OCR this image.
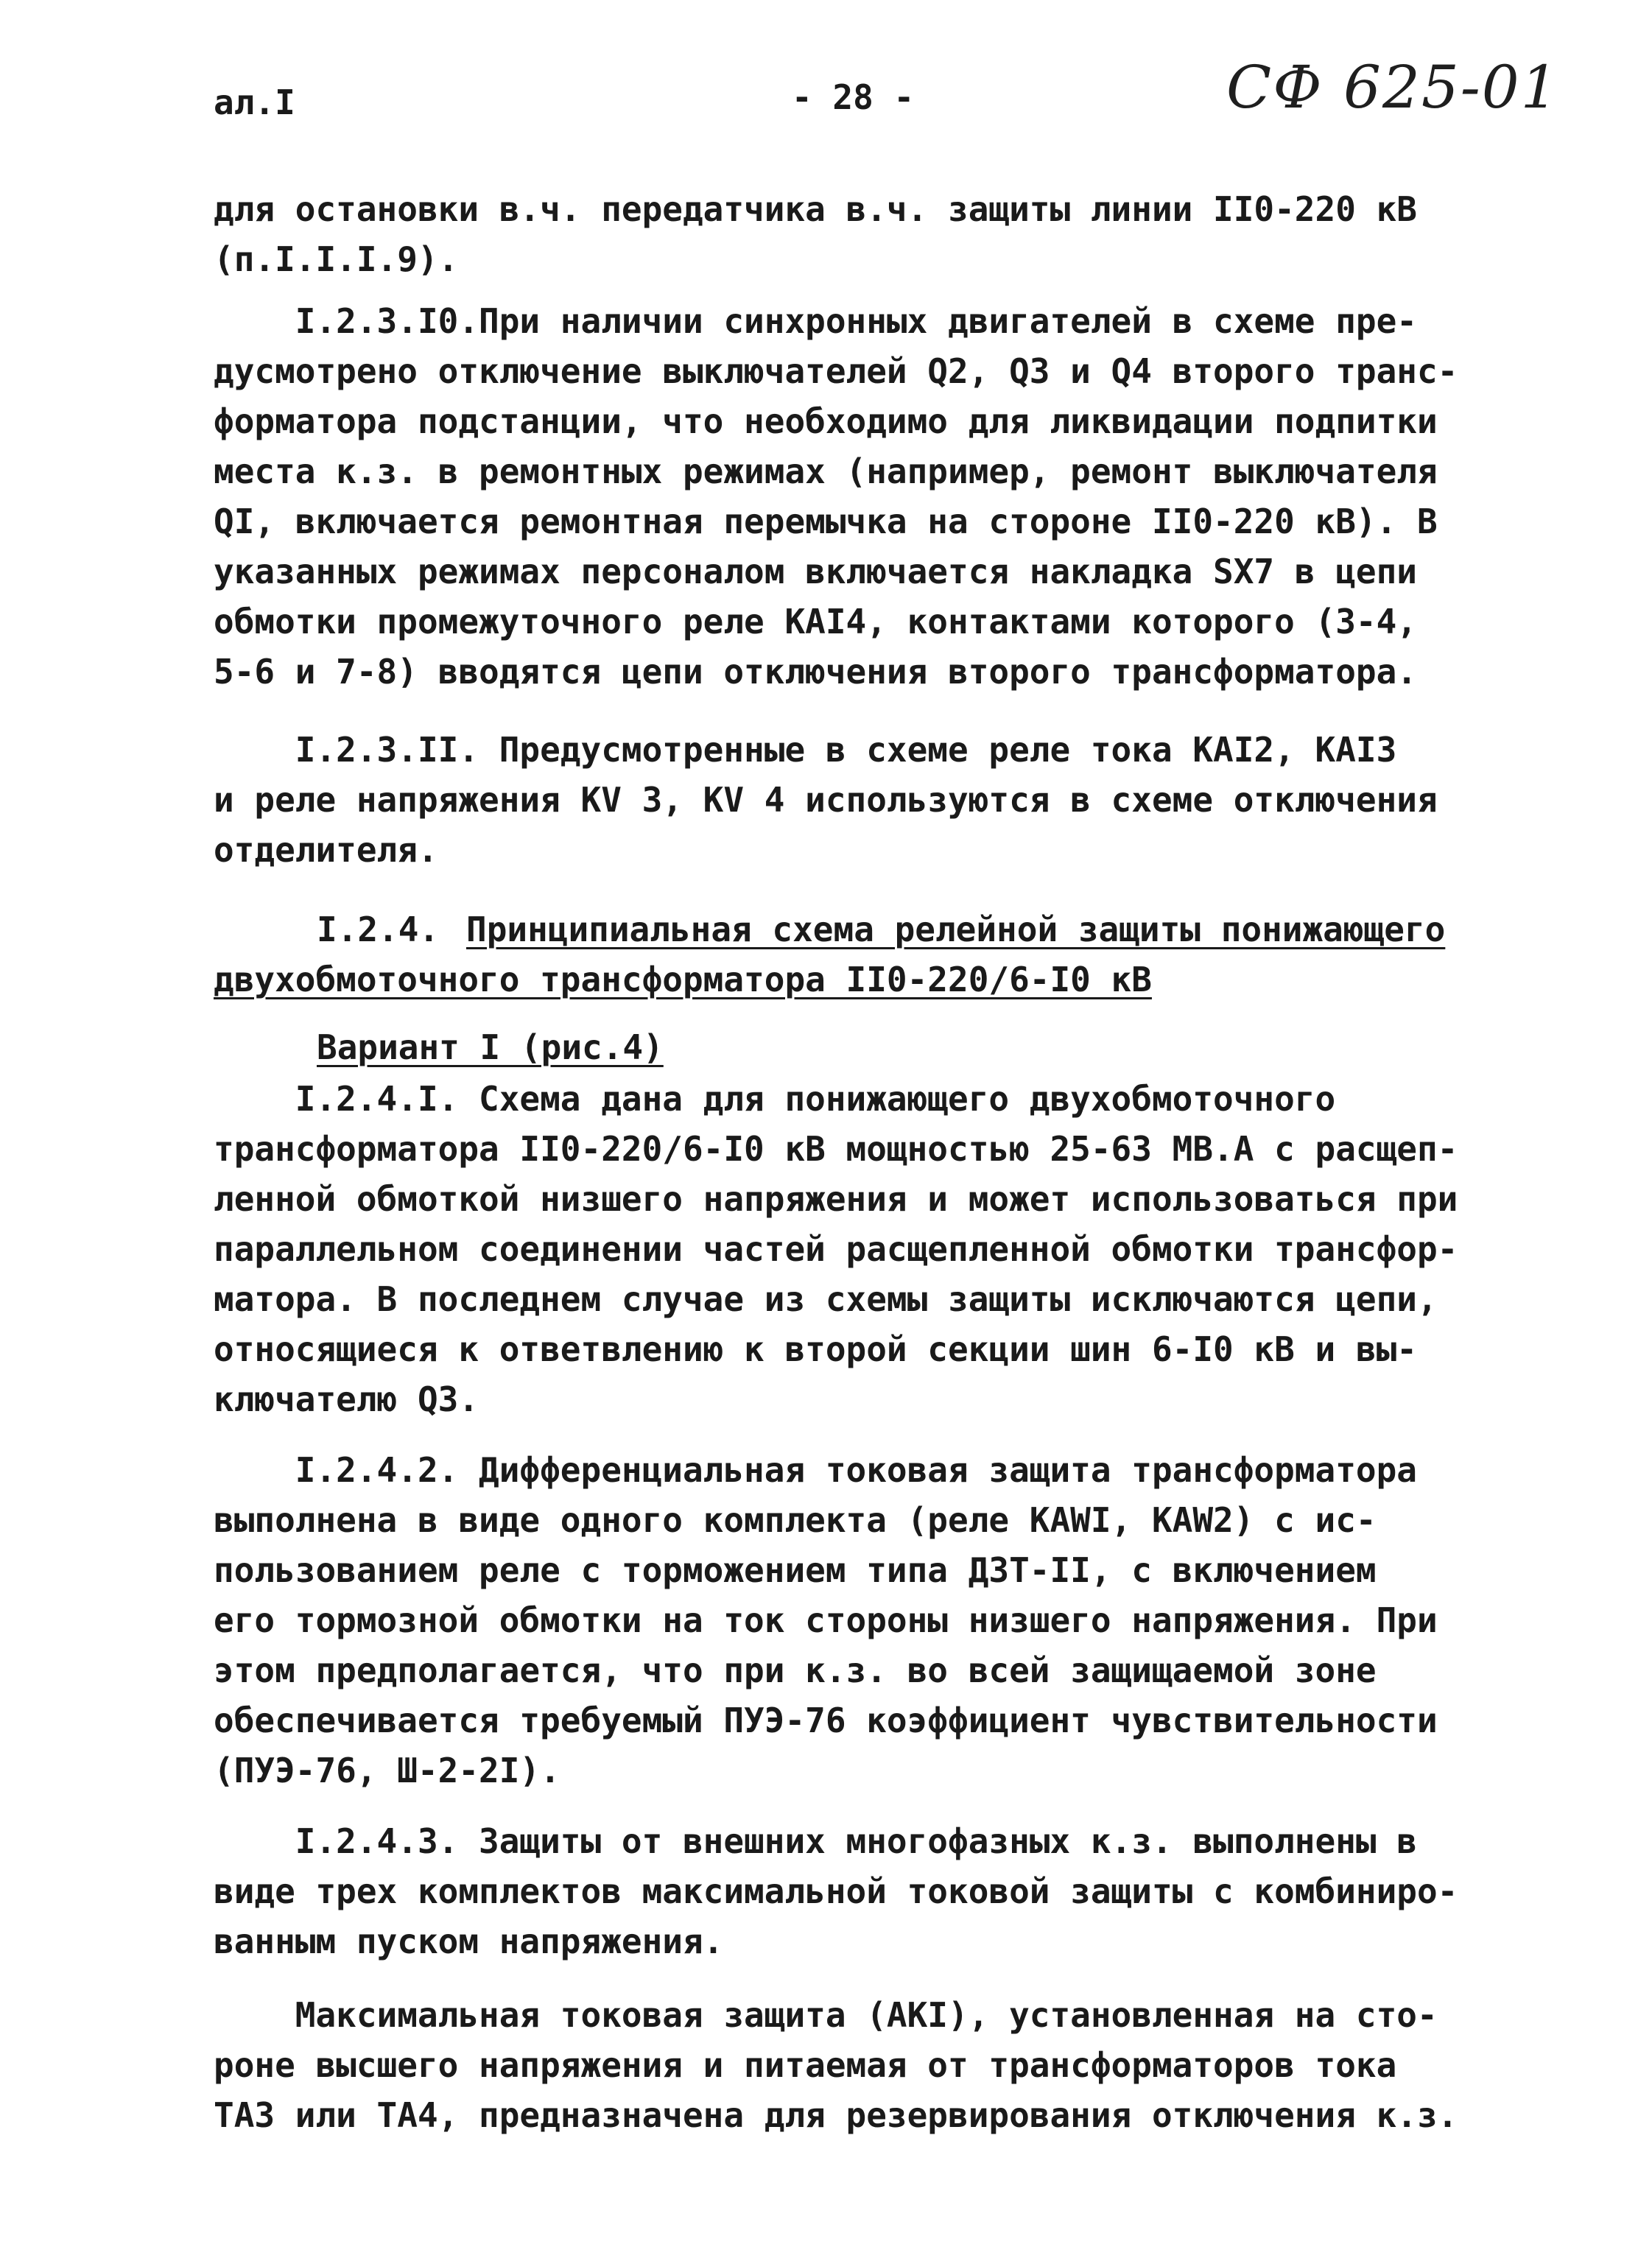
ал.I	- 28 -	СФ 625-01
для остановки в.ч. передатчика в.ч. защиты линии II0-220 кВ
(п.I.I.I.9).
I.2.3.I0.При наличии синхронных двигателей в схеме пре-
дусмотрено отключение выключателей Q2, Q3 и Q4 второго транс-
форматора подстанции, что необходимо для ликвидации подпитки
места к.з. в ремонтных режимах (например, ремонт выключателя
QI, включается ремонтная перемычка на стороне II0-220 кВ). В
указанных режимах персоналом включается накладка SX7 в цепи
обмотки промежуточного реле КАI4, контактами которого (3-4,
5-6 и 7-8) вводятся цепи отключения второго трансформатора.
I.2.3.II. Предусмотренные в схеме реле тока КАI2, КАI3
и реле напряжения KV 3, KV 4 используются в схеме отключения
отделителя.
I.2.4. Принципиальная схема релейной защиты понижающего
двухобмоточного трансформатора II0-220/6-I0 кВ
Вариант I (рис.4)
I.2.4.I. Схема дана для понижающего двухобмоточного
трансформатора II0-220/6-I0 кВ мощностью 25-63 МВ.А с расщеп-
ленной обмоткой низшего напряжения и может использоваться при
параллельном соединении частей расщепленной обмотки трансфор-
матора. В последнем случае из схемы защиты исключаются цепи,
относящиеся к ответвлению к второй секции шин 6-I0 кВ и вы-
ключателю Q3.
I.2.4.2. Дифференциальная токовая защита трансформатора
выполнена в виде одного комплекта (реле KAWI, KAW2) с ис-
пользованием реле с торможением типа ДЗТ-II, с включением
его тормозной обмотки на ток стороны низшего напряжения. При
этом предполагается, что при к.з. во всей защищаемой зоне
обеспечивается требуемый ПУЭ-76 коэффициент чувствительности
(ПУЭ-76, Ш-2-2I).
I.2.4.3. Защиты от внешних многофазных к.з. выполнены в
виде трех комплектов максимальной токовой защиты с комбиниро-
ванным пуском напряжения.
Максимальная токовая защита (АКI), установленная на сто-
роне высшего напряжения и питаемая от трансформаторов тока
ТАЗ или ТА4, предназначена для резервирования отключения к.з.
